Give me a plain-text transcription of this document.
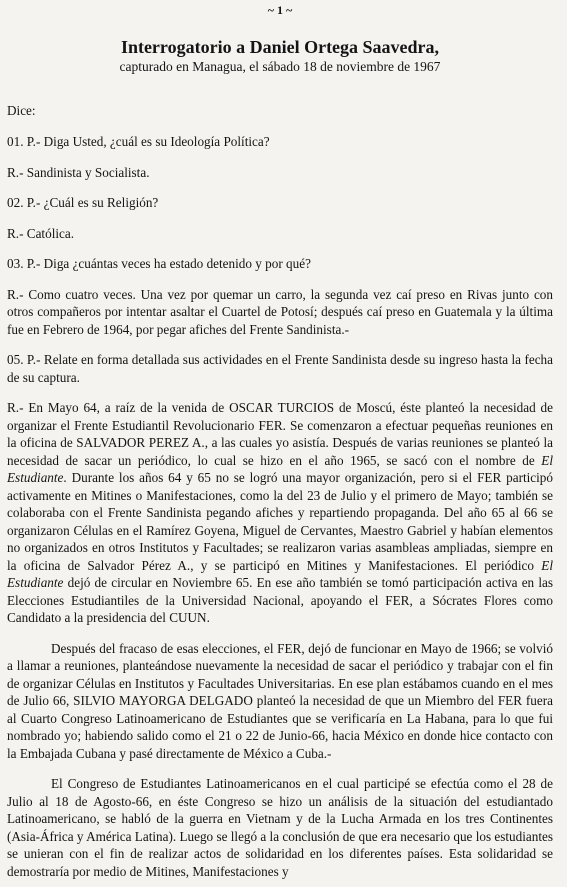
~ 1 ~
Interrogatorio a Daniel Ortega Saavedra,
capturado en Managua, el sábado 18 de noviembre de 1967

Dice:

01. P.- Diga Usted, ¿cuál es su Ideología Política?

R.- Sandinista y Socialista.

02. P.- ¿Cuál es su Religión?

R.- Católica.

03. P.- Diga ¿cuántas veces ha estado detenido y por qué?

R.- Como cuatro veces. Una vez por quemar un carro, la segunda vez caí preso en Rivas junto con otros compañeros por intentar asaltar el Cuartel de Potosí; después caí preso en Guatemala y la última fue en Febrero de 1964, por pegar afiches del Frente Sandinista.-

05. P.- Relate en forma detallada sus actividades en el Frente Sandinista desde su ingreso hasta la fecha de su captura.

R.- En Mayo 64, a raíz de la venida de OSCAR TURCIOS de Moscú, éste planteó la necesidad de organizar el Frente Estudiantil Revolucionario FER. Se comenzaron a efectuar pequeñas reuniones en la oficina de SALVADOR PEREZ A., a las cuales yo asistía. Después de varias reuniones se planteó la necesidad de sacar un periódico, lo cual se hizo en el año 1965, se sacó con el nombre de El Estudiante. Durante los años 64 y 65 no se logró una mayor organización, pero si el FER participó activamente en Mitines o Manifestaciones, como la del 23 de Julio y el primero de Mayo; también se colaboraba con el Frente Sandinista pegando afiches y repartiendo propaganda. Del año 65 al 66 se organizaron Células en el Ramírez Goyena, Miguel de Cervantes, Maestro Gabriel y habían elementos no organizados en otros Institutos y Facultades; se realizaron varias asambleas ampliadas, siempre en la oficina de Salvador Pérez A., y se participó en Mitines y Manifestaciones. El periódico El Estudiante dejó de circular en Noviembre 65. En ese año también se tomó participación activa en las Elecciones Estudiantiles de la Universidad Nacional, apoyando el FER, a Sócrates Flores como Candidato a la presidencia del CUUN.

Después del fracaso de esas elecciones, el FER, dejó de funcionar en Mayo de 1966; se volvió a llamar a reuniones, planteándose nuevamente la necesidad de sacar el periódico y trabajar con el fin de organizar Células en Institutos y Facultades Universitarias. En ese plan estábamos cuando en el mes de Julio 66, SILVIO MAYORGA DELGADO planteó la necesidad de que un Miembro del FER fuera al Cuarto Congreso Latinoamericano de Estudiantes que se verificaría en La Habana, para lo que fui nombrado yo; habiendo salido como el 21 o 22 de Junio-66, hacia México en donde hice contacto con la Embajada Cubana y pasé directamente de México a Cuba.-

El Congreso de Estudiantes Latinoamericanos en el cual participé se efectúa como el 28 de Julio al 18 de Agosto-66, en éste Congreso se hizo un análisis de la situación del estudiantado Latinoamericano, se habló de la guerra en Vietnam y de la Lucha Armada en los tres Continentes (Asia-África y América Latina). Luego se llegó a la conclusión de que era necesario que los estudiantes se unieran con el fin de realizar actos de solidaridad en los diferentes países. Esta solidaridad se demostraría por medio de Mitines, Manifestaciones y
